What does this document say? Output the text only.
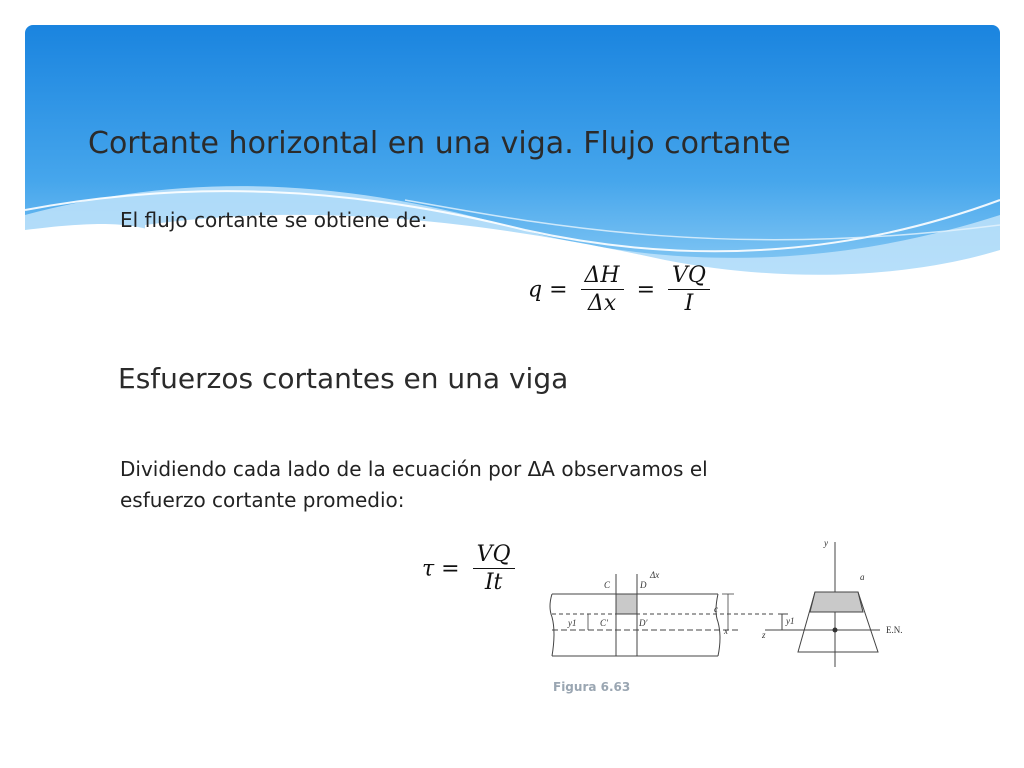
Cortante horizontal en una viga. Flujo cortante
El flujo cortante se obtiene de:
$q = \frac{\Delta H}{\Delta x} = \frac{VQ}{I}$
Esfuerzos cortantes en una viga
Dividiendo cada lado de la ecuación por ΔA observamos el
esfuerzo cortante promedio:
$\tau = \frac{VQ}{It}$	C	D
Δx
C′	D′
y1
x
c
y
a
E.N.
z
y1
Figura 6.63
